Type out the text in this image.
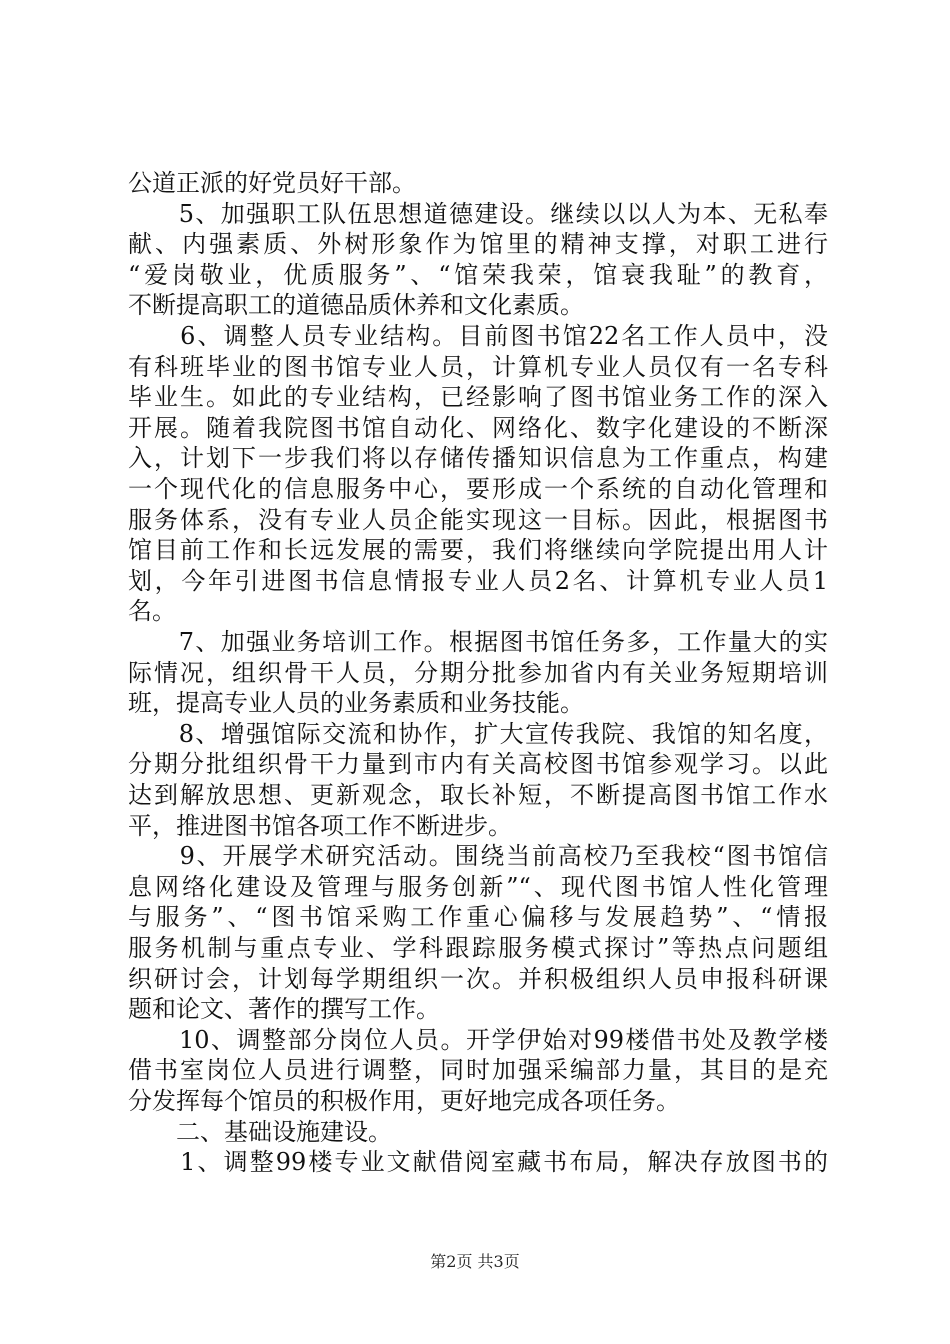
公道正派的好党员好干部。
　　5、加强职工队伍思想道德建设。继续以以人为本、无私奉
献、内强素质、外树形象作为馆里的精神支撑，对职工进行
“爱岗敬业，优质服务”、“馆荣我荣，馆衰我耻”的教育，
不断提高职工的道德品质休养和文化素质。
　　6、调整人员专业结构。目前图书馆22名工作人员中，没
有科班毕业的图书馆专业人员，计算机专业人员仅有一名专科
毕业生。如此的专业结构，已经影响了图书馆业务工作的深入
开展。随着我院图书馆自动化、网络化、数字化建设的不断深
入，计划下一步我们将以存储传播知识信息为工作重点，构建
一个现代化的信息服务中心，要形成一个系统的自动化管理和
服务体系，没有专业人员企能实现这一目标。因此，根据图书
馆目前工作和长远发展的需要，我们将继续向学院提出用人计
划，今年引进图书信息情报专业人员2名、计算机专业人员1
名。
　　7、加强业务培训工作。根据图书馆任务多，工作量大的实
际情况，组织骨干人员，分期分批参加省内有关业务短期培训
班，提高专业人员的业务素质和业务技能。
　　8、增强馆际交流和协作，扩大宣传我院、我馆的知名度，
分期分批组织骨干力量到市内有关高校图书馆参观学习。以此
达到解放思想、更新观念，取长补短，不断提高图书馆工作水
平，推进图书馆各项工作不断进步。
　　9、开展学术研究活动。围绕当前高校乃至我校“图书馆信
息网络化建设及管理与服务创新”“、现代图书馆人性化管理
与服务”、“图书馆采购工作重心偏移与发展趋势”、“情报
服务机制与重点专业、学科跟踪服务模式探讨”等热点问题组
织研讨会，计划每学期组织一次。并积极组织人员申报科研课
题和论文、著作的撰写工作。
　　10、调整部分岗位人员。开学伊始对99楼借书处及教学楼
借书室岗位人员进行调整，同时加强采编部力量，其目的是充
分发挥每个馆员的积极作用，更好地完成各项任务。
　　二、基础设施建设。
　　1、调整99楼专业文献借阅室藏书布局，解决存放图书的
第2页 共3页
